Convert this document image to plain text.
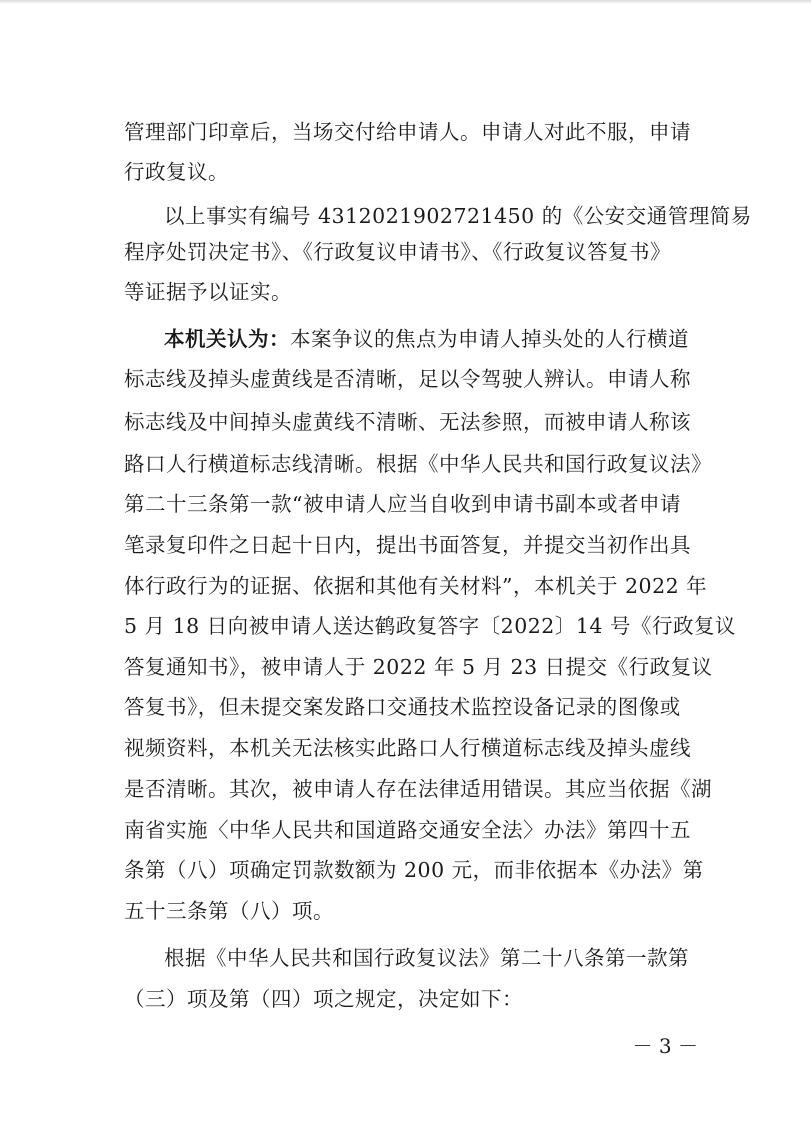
管理部门印章后，当场交付给申请人。申请人对此不服，申请
行政复议。
以上事实有编号 4312021902721450 的《公安交通管理简易
程序处罚决定书》、《行政复议申请书》、《行政复议答复书》
等证据予以证实。
本机关认为：本案争议的焦点为申请人掉头处的人行横道
标志线及掉头虚黄线是否清晰，足以令驾驶人辨认。申请人称
标志线及中间掉头虚黄线不清晰、无法参照，而被申请人称该
路口人行横道标志线清晰。根据《中华人民共和国行政复议法》
第二十三条第一款“被申请人应当自收到申请书副本或者申请
笔录复印件之日起十日内，提出书面答复，并提交当初作出具
体行政行为的证据、依据和其他有关材料”，本机关于 2022 年
5 月 18 日向被申请人送达鹤政复答字〔2022〕14 号《行政复议
答复通知书》，被申请人于 2022 年 5 月 23 日提交《行政复议
答复书》，但未提交案发路口交通技术监控设备记录的图像或
视频资料，本机关无法核实此路口人行横道标志线及掉头虚线
是否清晰。其次，被申请人存在法律适用错误。其应当依据《湖
南省实施〈中华人民共和国道路交通安全法〉办法》第四十五
条第（八）项确定罚款数额为 200 元，而非依据本《办法》第
五十三条第（八）项。
根据《中华人民共和国行政复议法》第二十八条第一款第
（三）项及第（四）项之规定，决定如下：
－ 3 －
